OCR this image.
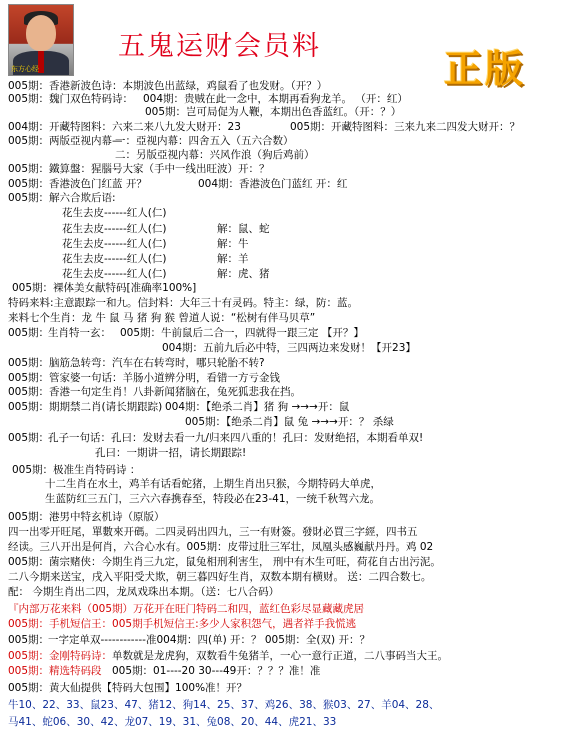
东方心经
五鬼运财会员料
正版
005期：香港新波色诗：本期波色出蓝绿，鸡鼠看了也发财。（开？）
005期：魏门双色特码诗： 004期：贵贼在此一念中，本期再看狗龙羊。 （开：红）
005期：岂可局促为人鞭，本期出色香蓝红。（开：？）
004期：开藏特图料：六来二来八九发大财开：23	005期：开藏特图料：三来九来二四发大财开：？
005期：两版亞视内幕—
一：亞视内幕：四舍五入（五六合数）
二：另版亞视内幕：兴风作浪（狗后鸡前）
005期：鐵算盤：猩腦号大家（手中一线出旺波）开：？
005期：香港波色门红蓝 开？	004期：香港波色门蓝红 开：红
005期：解六合欺后语:
花生去皮------红人(仁)
花生去皮------红人(仁)	解：鼠、蛇
花生去皮------红人(仁)	解：牛
花生去皮------红人(仁)	解：羊
花生去皮------红人(仁)	解：虎、猪
005期：裸体美女献特码[准确率100%]
特码来料:主意跟踪一和九。信封料：大年三十有灵码。特主：绿，防：蓝。
来料七个生肖：龙 牛 鼠 马 猪 狗 猴 曾道人说：“松树有伴马贝草”
005期：
生肖特一玄： 005期：牛前鼠后二合一，四就得一跟三定 【开？】
004期：五前九后必中特，三四两边来发财！【开23】
005期：脑筋急转弯：汽车在右转弯时，哪只轮胎不转?
005期：管家婆一句话：羊肠小道辨分明，看错一方亏金钱
005期：香港一句定生肖！八卦新闻猪脑在，兔死狐悲我在挡。
005期：期期禁二肖(请长期跟踪) 004期：【绝杀二肖】猪 狗 →→→开：鼠
005期：【绝杀二肖】鼠 兔 →→→开：？ 杀绿
005期：
孔子一句话：孔曰：发财去看一九/归来四八重的！孔曰：发财绝招，本期看单双!
孔曰：一期讲一招，请长期跟踪!
005期：极准生肖特码诗 ：
十二生肖在水土，鸡羊有话看蛇猪，上期生肖出只猴，今期特码大单虎，
生蓝防红三五门，三六六春携春至，特段必在23-41，一统千秋驾六龙。
005期：港男中特玄机诗（原版）
四一出零开旺尾，單數來开碼。二四灵码出四九，三一有财簽。發財必買三字經，四书五
经读。三八开出是何肖，六合心水有。005期：皮带过肚三军壮，凤凰头感巍献丹丹。鸡 02
005期：菌宗赌侠：今期生肖三九定，鼠兔相刑利害生， 刑中有木生可旺，荷花自古出污泥。
二八今期来送宝，戌入平阳受犬欺，朝三暮四好生肖，双数本期有横财。 送：二四合数七。
配： 今期生肖出二四，龙凤戏珠出本期。（送：七八合码）
『内部万花来料（005期）万花开在旺门特码二和四，蓝红色彩尽显藏藏虎居
005期：手机短信王：005期手机短信王:多少人家积怨气，遇者祥手我慌逃
005期：
一字定单双------------准004期：四(单) 开：？ 005期：全(双) 开：？
005期：金刚特码诗： 单数就是龙虎狗，双数看牛兔猪羊，一心一意行正道，二八事码当大王。
005期：精选特码段 005期：01----20 30---49开：？？？准！准
005期：黄大仙提供【特码大包围】100%准！开？
牛10、22、33、鼠23、47、猪12、狗14、25、37、鸡26、38、猴03、27、羊04、28、
马41、蛇06、30、42、龙07、19、31、兔08、20、44、虎21、33
